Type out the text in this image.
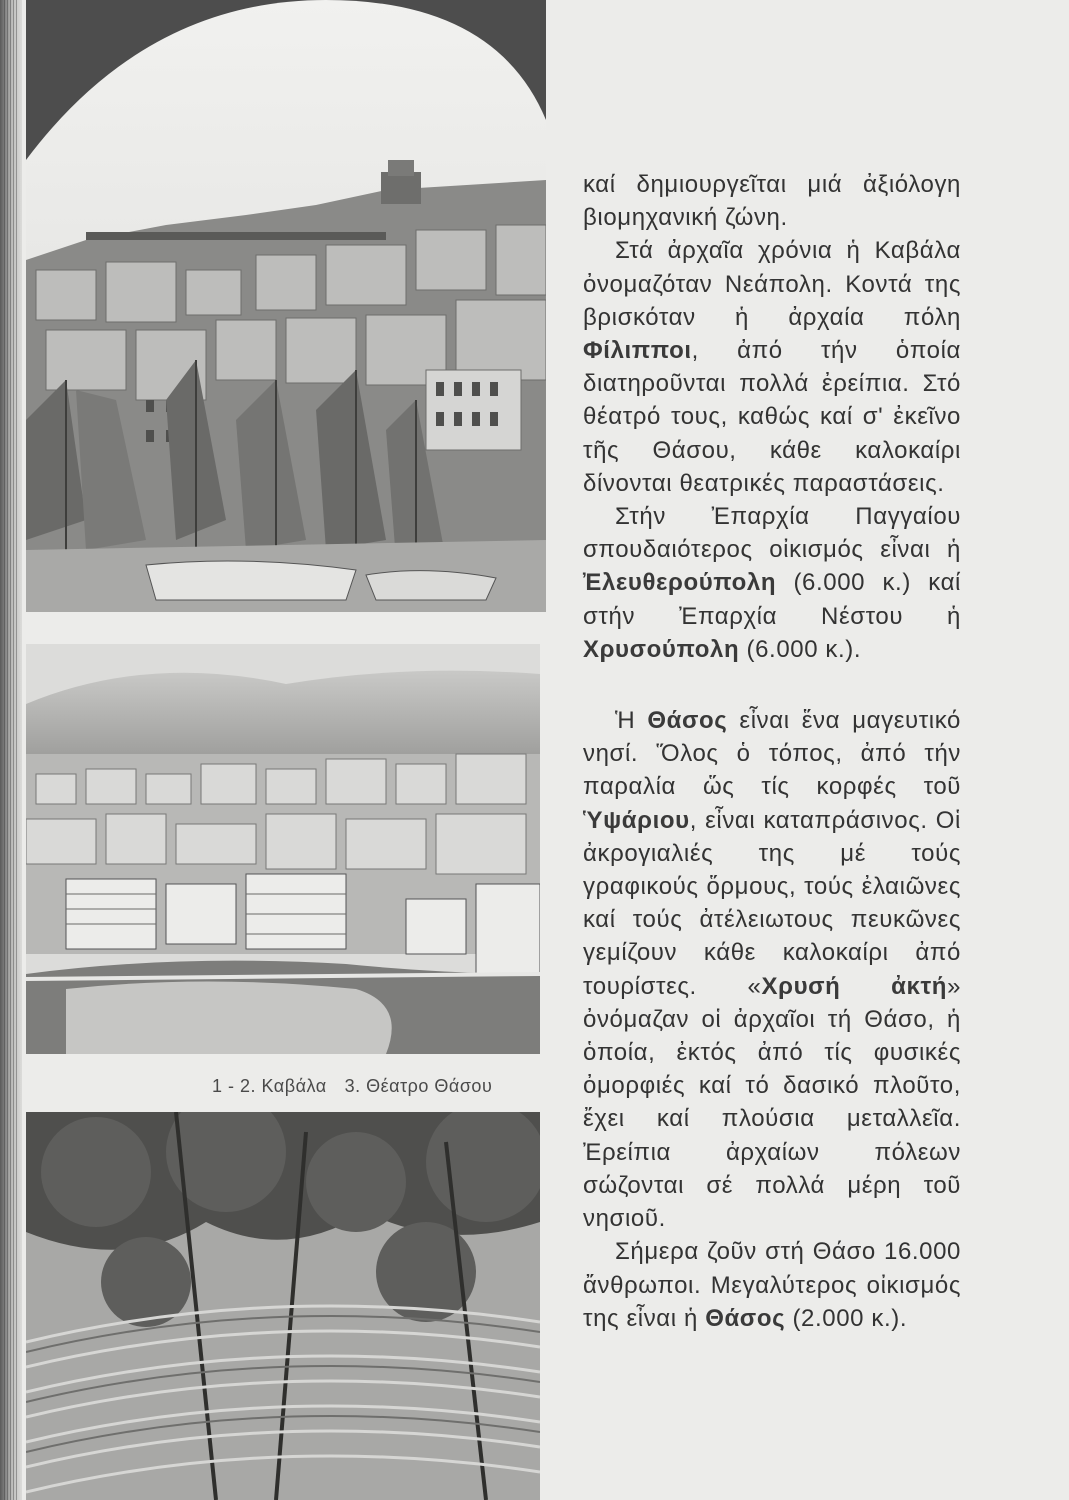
1 - 2. Καβάλα 3. Θέατρο Θάσου

καί δημιουργεῖται μιά ἀξιόλογη βιομηχανική ζώνη.

Στά ἀρχαῖα χρόνια ἡ Καβάλα ὀνομαζόταν Νεάπολη. Κοντά της βρισκόταν ἡ ἀρχαία πόλη Φίλιπποι, ἀπό τήν ὁποία διατηροῦνται πολλά ἐρείπια. Στό θέατρό τους, καθώς καί σ' ἐκεῖνο τῆς Θάσου, κάθε καλοκαίρι δίνονται θεατρικές παραστάσεις.

Στήν Ἐπαρχία Παγγαίου σπουδαιότερος οἰκισμός εἶναι ἡ Ἐλευθερούπολη (6.000 κ.) καί στήν Ἐπαρχία Νέστου ἡ Χρυσούπολη (6.000 κ.).

Ἡ Θάσος εἶναι ἕνα μαγευτικό νησί. Ὅλος ὁ τόπος, ἀπό τήν παραλία ὥς τίς κορφές τοῦ Ὑψάριου, εἶναι καταπράσινος. Οἱ ἀκρογιαλιές της μέ τούς γραφικούς ὅρμους, τούς ἐλαιῶνες καί τούς ἀτέλειωτους πευκῶνες γεμίζουν κάθε καλοκαίρι ἀπό τουρίστες. «Χρυσή ἀκτή» ὀνόμαζαν οἱ ἀρχαῖοι τή Θάσο, ἡ ὁποία, ἐκτός ἀπό τίς φυσικές ὀμορφιές καί τό δασικό πλοῦτο, ἔχει καί πλούσια μεταλλεῖα. Ἐρείπια ἀρχαίων πόλεων σώζονται σέ πολλά μέρη τοῦ νησιοῦ.

Σήμερα ζοῦν στή Θάσο 16.000 ἄνθρωποι. Μεγαλύτερος οἰκισμός της εἶναι ἡ Θάσος (2.000 κ.).
